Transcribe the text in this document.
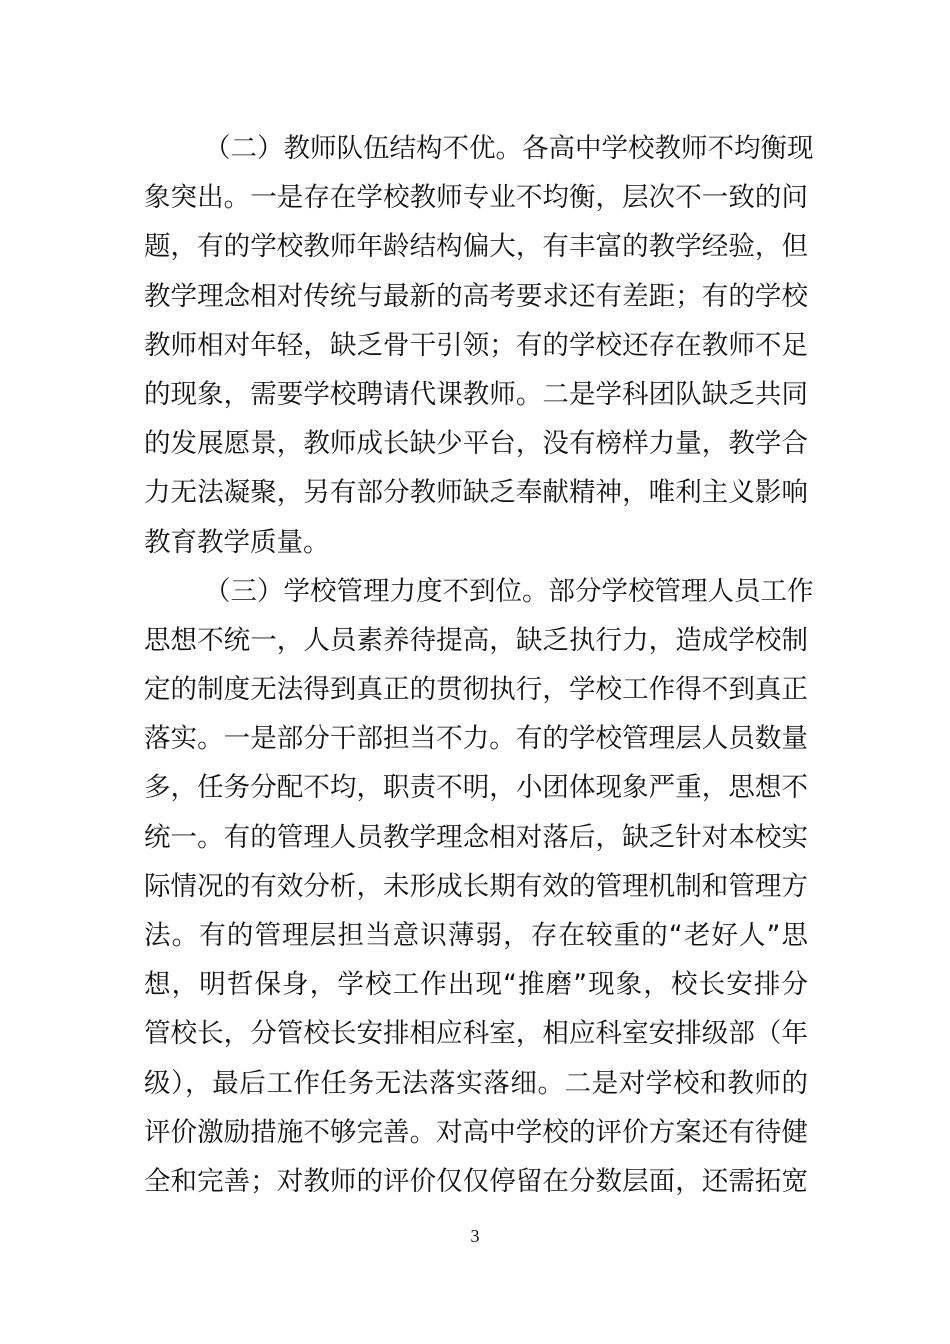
（二）教师队伍结构不优。各高中学校教师不均衡现
象突出。一是存在学校教师专业不均衡，层次不一致的问
题，有的学校教师年龄结构偏大，有丰富的教学经验，但
教学理念相对传统与最新的高考要求还有差距；有的学校
教师相对年轻，缺乏骨干引领；有的学校还存在教师不足
的现象，需要学校聘请代课教师。二是学科团队缺乏共同
的发展愿景，教师成长缺少平台，没有榜样力量，教学合
力无法凝聚，另有部分教师缺乏奉献精神，唯利主义影响
教育教学质量。
（三）学校管理力度不到位。部分学校管理人员工作
思想不统一，人员素养待提高，缺乏执行力，造成学校制
定的制度无法得到真正的贯彻执行，学校工作得不到真正
落实。一是部分干部担当不力。有的学校管理层人员数量
多，任务分配不均，职责不明，小团体现象严重，思想不
统一。有的管理人员教学理念相对落后，缺乏针对本校实
际情况的有效分析，未形成长期有效的管理机制和管理方
法。有的管理层担当意识薄弱，存在较重的“老好人”思
想，明哲保身，学校工作出现“推磨”现象，校长安排分
管校长，分管校长安排相应科室，相应科室安排级部（年
级），最后工作任务无法落实落细。二是对学校和教师的
评价激励措施不够完善。对高中学校的评价方案还有待健
全和完善；对教师的评价仅仅停留在分数层面，还需拓宽
3
